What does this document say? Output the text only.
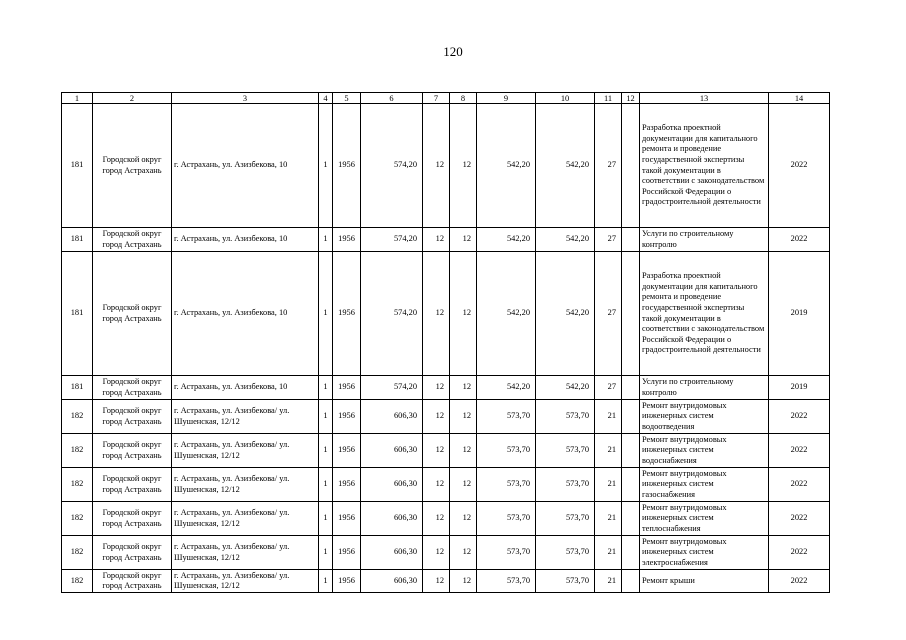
120
1	2	3	4	5	6	7	8	9	10	11	12	13	14
181	Городской округ город Астрахань	г. Астрахань, ул. Азизбекова, 10	1	1956	574,20	12	12	542,20	542,20	27		Разработка проектной документации для капитального ремонта и проведение государственной экспертизы такой документации в соответствии с законодательством Российской Федерации о градостроительной деятельности	2022
181	Городской округ город Астрахань	г. Астрахань, ул. Азизбекова, 10	1	1956	574,20	12	12	542,20	542,20	27		Услуги по строительному контролю	2022
181	Городской округ город Астрахань	г. Астрахань, ул. Азизбекова, 10	1	1956	574,20	12	12	542,20	542,20	27		Разработка проектной документации для капитального ремонта и проведение государственной экспертизы такой документации в соответствии с законодательством Российской Федерации о градостроительной деятельности	2019
181	Городской округ город Астрахань	г. Астрахань, ул. Азизбекова, 10	1	1956	574,20	12	12	542,20	542,20	27		Услуги по строительному контролю	2019
182	Городской округ город Астрахань	г. Астрахань, ул. Азизбекова/ ул. Шушенская, 12/12	1	1956	606,30	12	12	573,70	573,70	21		Ремонт внутридомовых инженерных систем водоотведения	2022
182	Городской округ город Астрахань	г. Астрахань, ул. Азизбекова/ ул. Шушенская, 12/12	1	1956	606,30	12	12	573,70	573,70	21		Ремонт внутридомовых инженерных систем водоснабжения	2022
182	Городской округ город Астрахань	г. Астрахань, ул. Азизбекова/ ул. Шушенская, 12/12	1	1956	606,30	12	12	573,70	573,70	21		Ремонт внутридомовых инженерных систем газоснабжения	2022
182	Городской округ город Астрахань	г. Астрахань, ул. Азизбекова/ ул. Шушенская, 12/12	1	1956	606,30	12	12	573,70	573,70	21		Ремонт внутридомовых инженерных систем теплоснабжения	2022
182	Городской округ город Астрахань	г. Астрахань, ул. Азизбекова/ ул. Шушенская, 12/12	1	1956	606,30	12	12	573,70	573,70	21		Ремонт внутридомовых инженерных систем электроснабжения	2022
182	Городской округ город Астрахань	г. Астрахань, ул. Азизбекова/ ул. Шушенская, 12/12	1	1956	606,30	12	12	573,70	573,70	21		Ремонт крыши	2022
